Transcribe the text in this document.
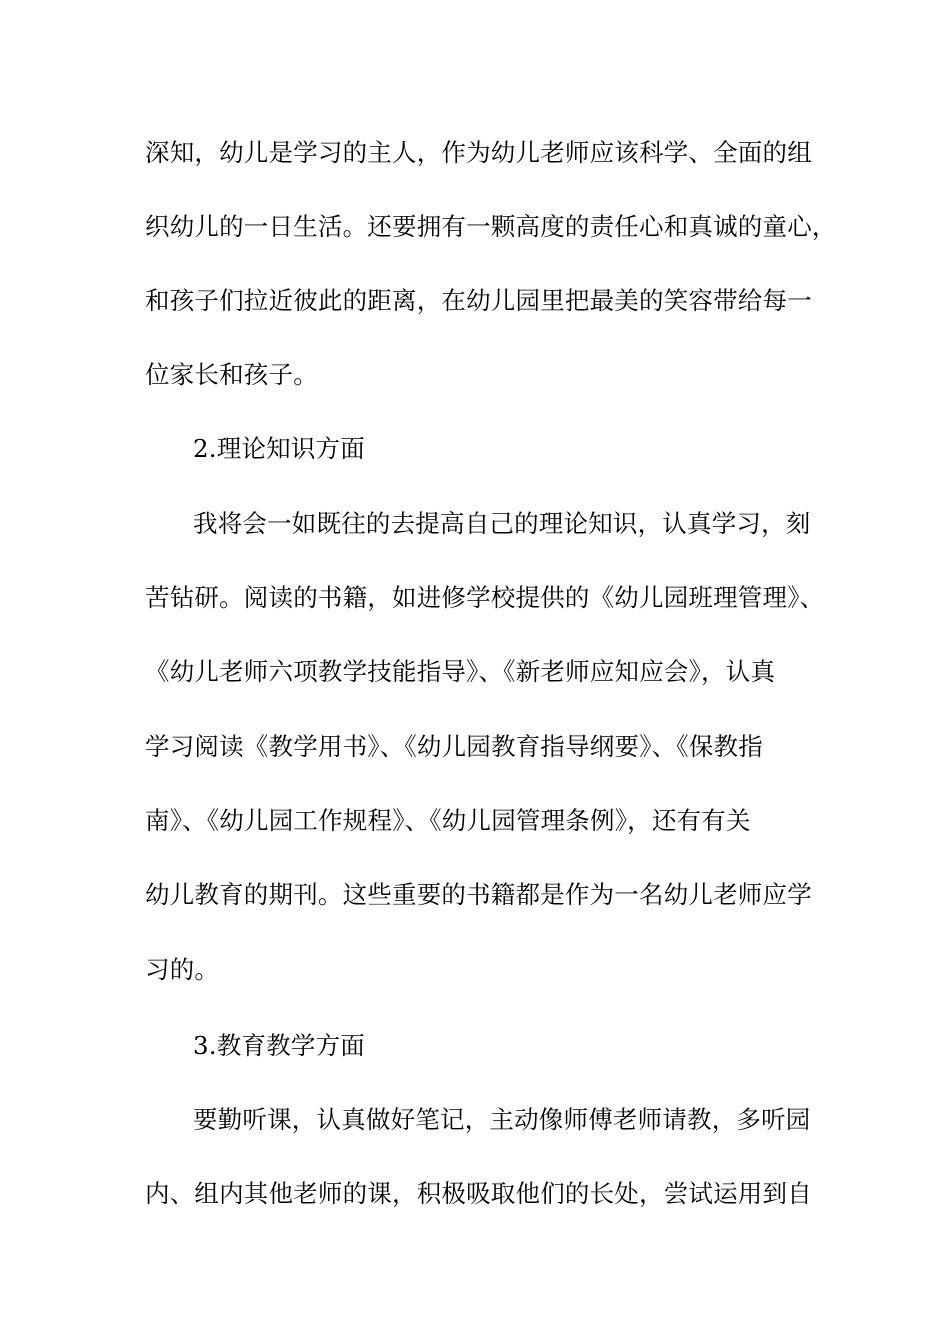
深知，幼儿是学习的主人，作为幼儿老师应该科学、全面的组
织幼儿的一日生活。还要拥有一颗高度的责任心和真诚的童心，
和孩子们拉近彼此的距离，在幼儿园里把最美的笑容带给每一
位家长和孩子。
2.理论知识方面
我将会一如既往的去提高自己的理论知识，认真学习，刻
苦钻研。阅读的书籍，如进修学校提供的《幼儿园班理管理》、
《幼儿老师六项教学技能指导》、《新老师应知应会》，认真
学习阅读《教学用书》、《幼儿园教育指导纲要》、《保教指
南》、《幼儿园工作规程》、《幼儿园管理条例》，还有有关
幼儿教育的期刊。这些重要的书籍都是作为一名幼儿老师应学
习的。
3.教育教学方面
要勤听课，认真做好笔记，主动像师傅老师请教，多听园
内、组内其他老师的课，积极吸取他们的长处，尝试运用到自
